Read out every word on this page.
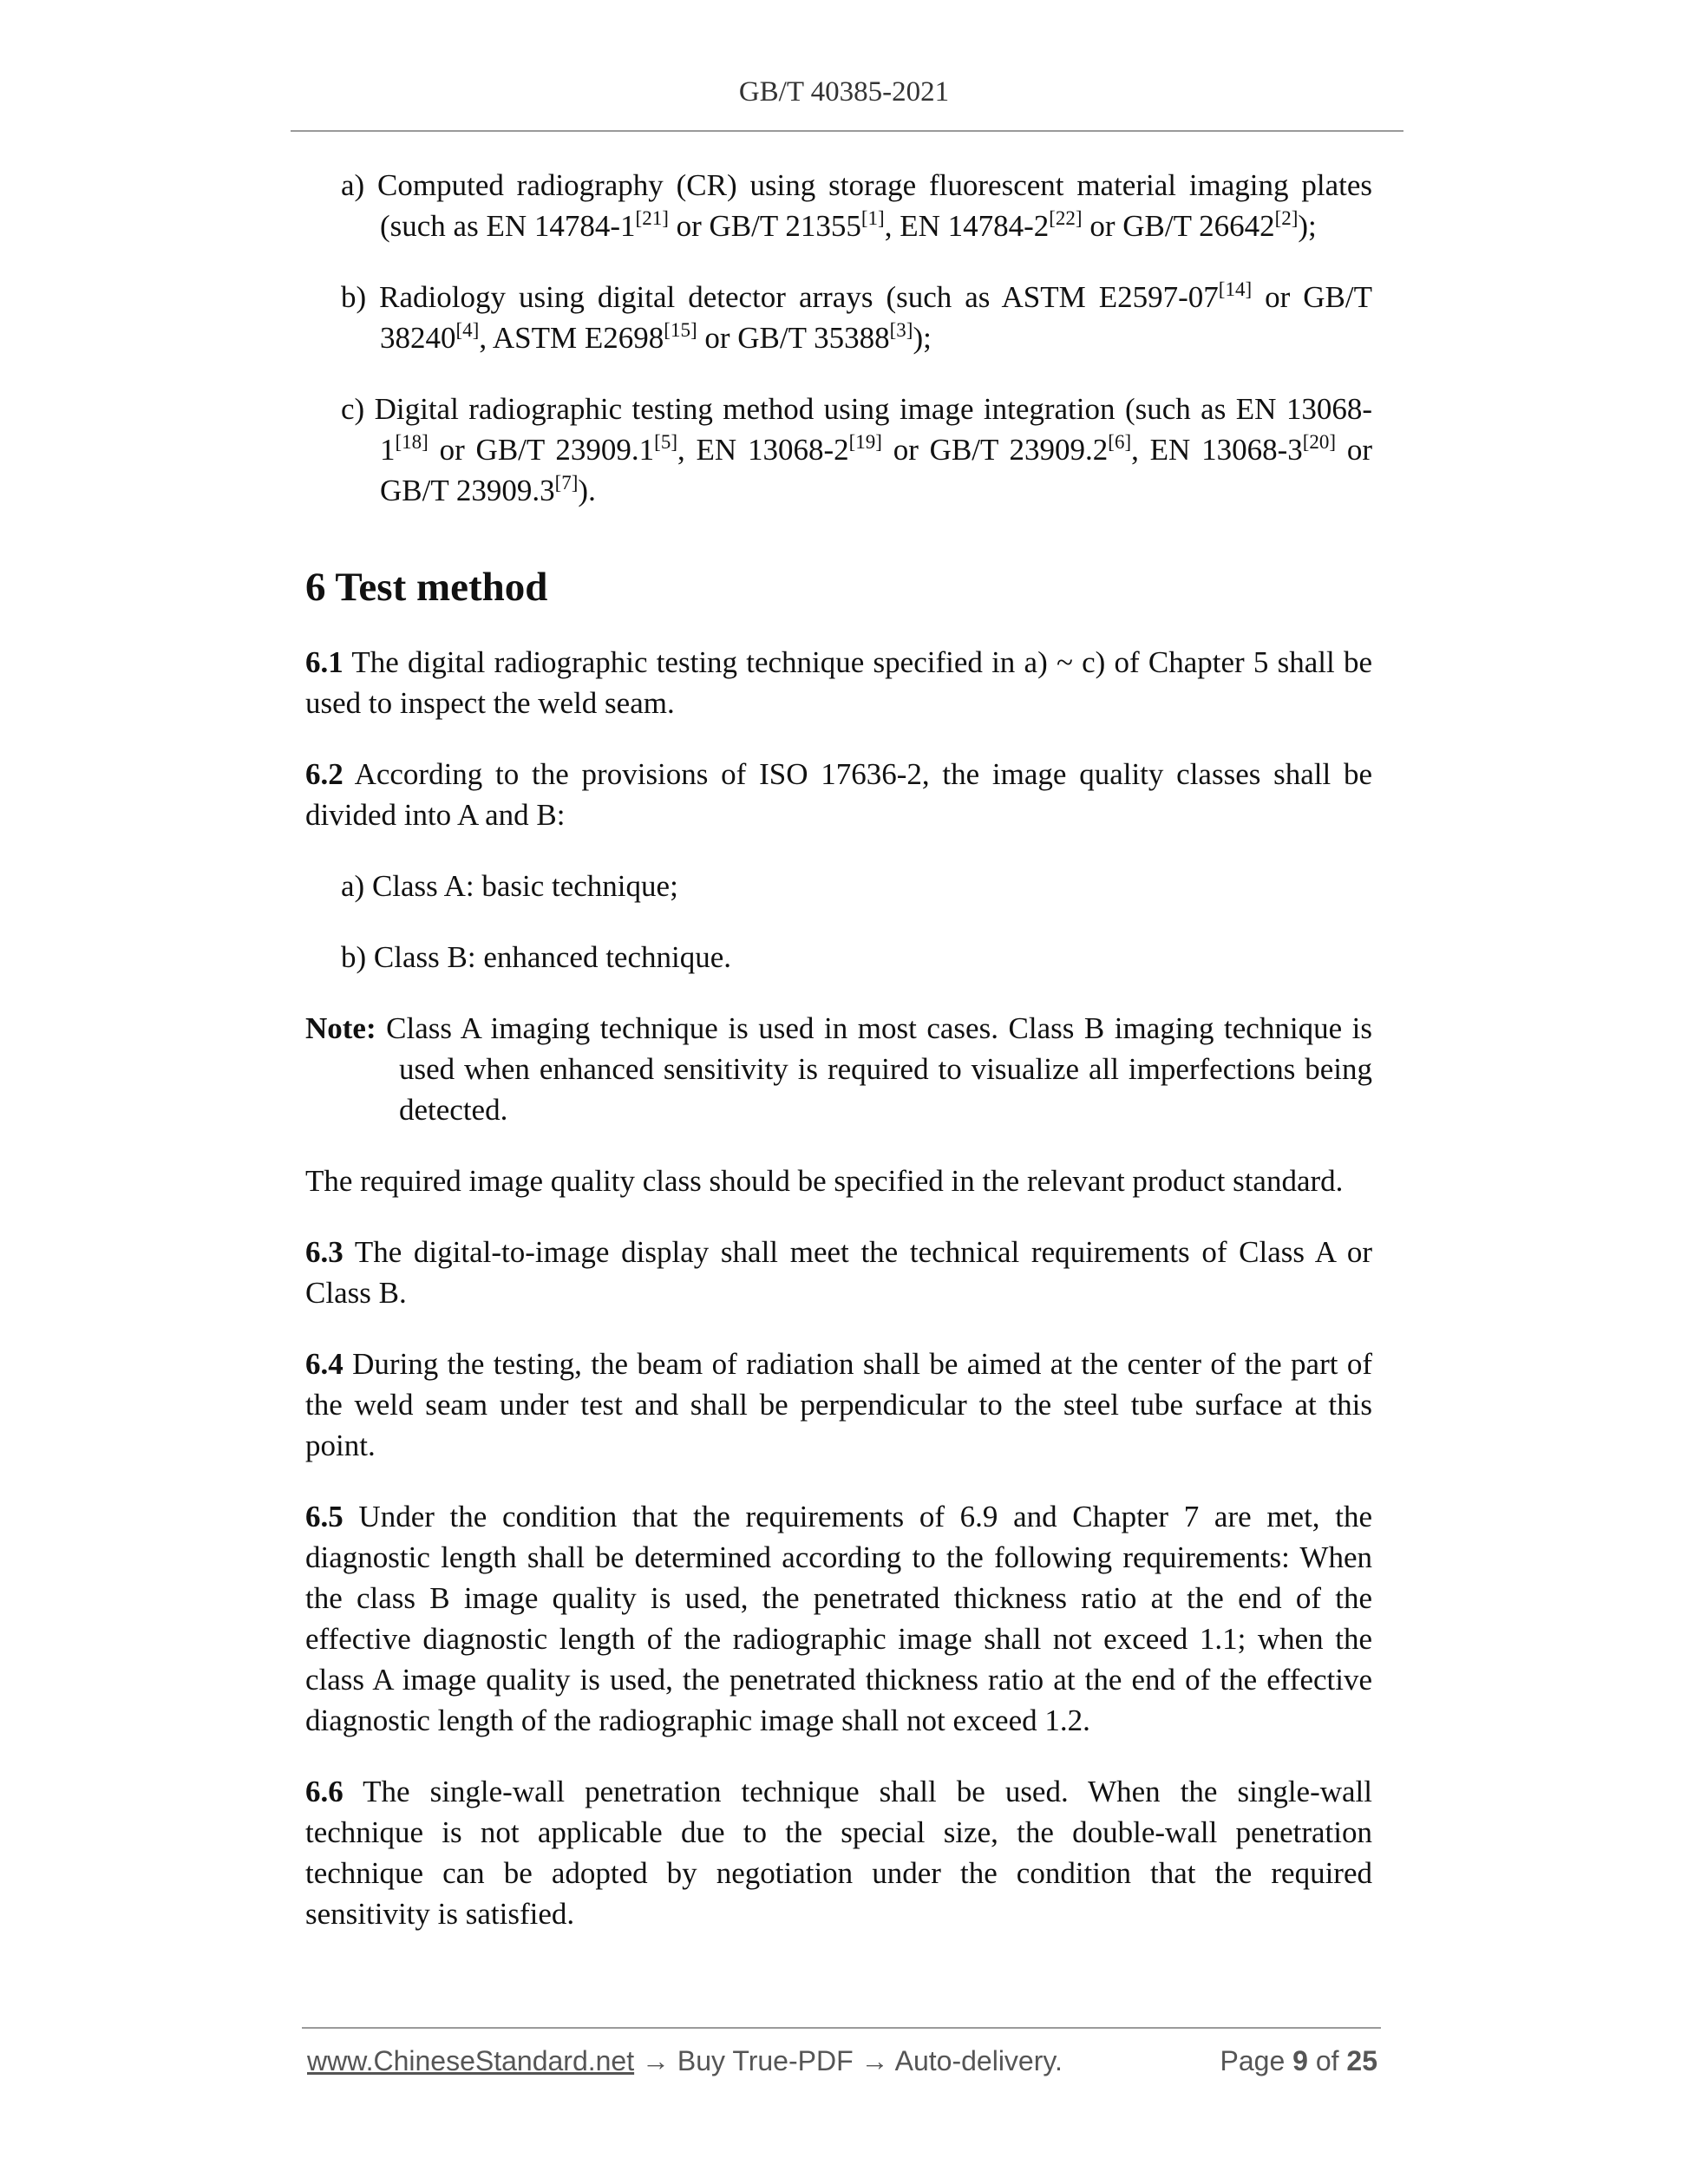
GB/T 40385-2021

a) Computed radiography (CR) using storage fluorescent material imaging plates (such as EN 14784-1[21] or GB/T 21355[1], EN 14784-2[22] or GB/T 26642[2]);

b) Radiology using digital detector arrays (such as ASTM E2597-07[14] or GB/T 38240[4], ASTM E2698[15] or GB/T 35388[3]);

c) Digital radiographic testing method using image integration (such as EN 13068-1[18] or GB/T 23909.1[5], EN 13068-2[19] or GB/T 23909.2[6], EN 13068-3[20] or GB/T 23909.3[7]).

6 Test method

6.1 The digital radiographic testing technique specified in a) ~ c) of Chapter 5 shall be used to inspect the weld seam.

6.2 According to the provisions of ISO 17636-2, the image quality classes shall be divided into A and B:

a) Class A: basic technique;

b) Class B: enhanced technique.

Note: Class A imaging technique is used in most cases. Class B imaging technique is used when enhanced sensitivity is required to visualize all imperfections being detected.

The required image quality class should be specified in the relevant product standard.

6.3 The digital-to-image display shall meet the technical requirements of Class A or Class B.

6.4 During the testing, the beam of radiation shall be aimed at the center of the part of the weld seam under test and shall be perpendicular to the steel tube surface at this point.

6.5 Under the condition that the requirements of 6.9 and Chapter 7 are met, the diagnostic length shall be determined according to the following requirements: When the class B image quality is used, the penetrated thickness ratio at the end of the effective diagnostic length of the radiographic image shall not exceed 1.1; when the class A image quality is used, the penetrated thickness ratio at the end of the effective diagnostic length of the radiographic image shall not exceed 1.2.

6.6 The single-wall penetration technique shall be used. When the single-wall technique is not applicable due to the special size, the double-wall penetration technique can be adopted by negotiation under the condition that the required sensitivity is satisfied.

www.ChineseStandard.net → Buy True-PDF → Auto-delivery.	Page 9 of 25
